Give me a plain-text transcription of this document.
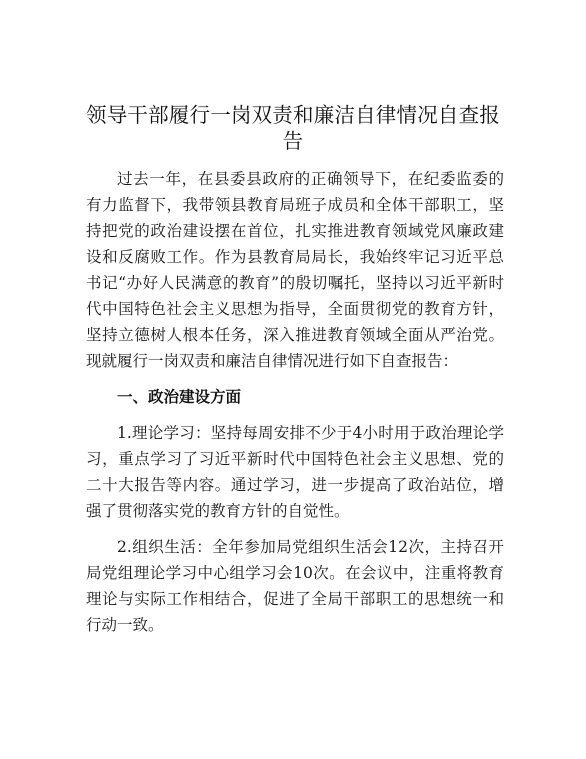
领导干部履行一岗双责和廉洁自律情况自查报告

过去一年，在县委县政府的正确领导下，在纪委监委的有力监督下，我带领县教育局班子成员和全体干部职工，坚持把党的政治建设摆在首位，扎实推进教育领域党风廉政建设和反腐败工作。作为县教育局局长，我始终牢记习近平总书记“办好人民满意的教育”的殷切嘱托，坚持以习近平新时代中国特色社会主义思想为指导，全面贯彻党的教育方针，坚持立德树人根本任务，深入推进教育领域全面从严治党。现就履行一岗双责和廉洁自律情况进行如下自查报告：

一、政治建设方面

1.理论学习：坚持每周安排不少于4小时用于政治理论学习，重点学习了习近平新时代中国特色社会主义思想、党的二十大报告等内容。通过学习，进一步提高了政治站位，增强了贯彻落实党的教育方针的自觉性。

2.组织生活：全年参加局党组织生活会12次，主持召开局党组理论学习中心组学习会10次。在会议中，注重将教育理论与实际工作相结合，促进了全局干部职工的思想统一和行动一致。
